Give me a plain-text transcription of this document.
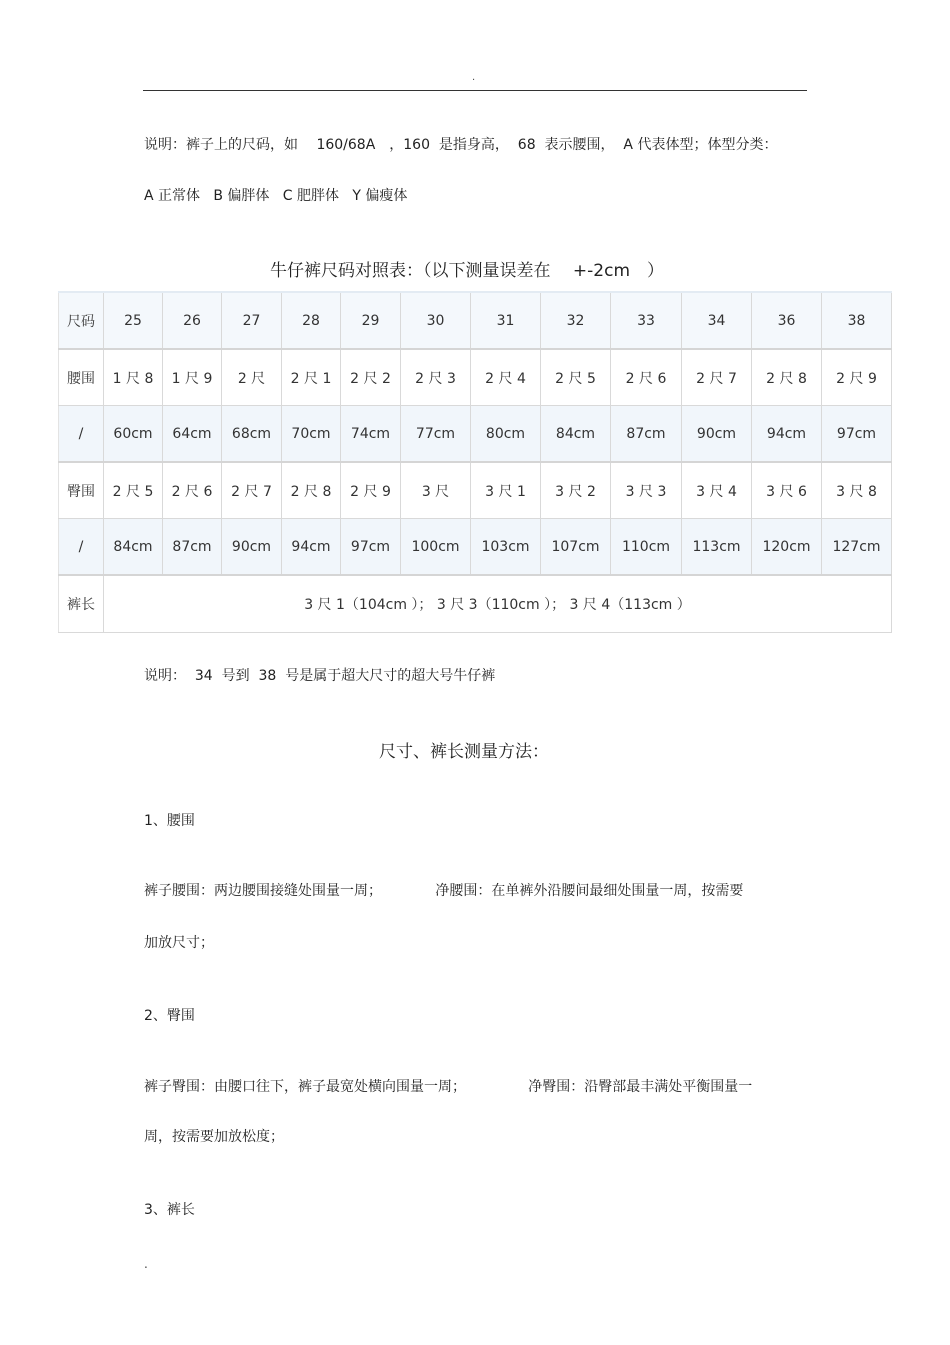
.
说明：裤子上的尺码，如　 160/68A　，160  是指身高，  68  表示腰围，  A 代表体型；体型分类：
A 正常体   B 偏胖体   C 肥胖体   Y 偏瘦体
牛仔裤尺码对照表：（以下测量误差在　 +-2cm　）
尺码	25	26	27	28	29	30	31	32	33	34	36	38
腰围	1 尺 8	1 尺 9	2 尺	2 尺 1	2 尺 2	2 尺 3	2 尺 4	2 尺 5	2 尺 6	2 尺 7	2 尺 8	2 尺 9
/	60cm	64cm	68cm	70cm	74cm	77cm	80cm	84cm	87cm	90cm	94cm	97cm
臀围	2 尺 5	2 尺 6	2 尺 7	2 尺 8	2 尺 9	3 尺	3 尺 1	3 尺 2	3 尺 3	3 尺 4	3 尺 6	3 尺 8
/	84cm	87cm	90cm	94cm	97cm	100cm	103cm	107cm	110cm	113cm	120cm	127cm
裤长	3 尺 1（104cm ）； 3 尺 3（110cm ）； 3 尺 4（113cm ）											
说明：  34  号到  38  号是属于超大尺寸的超大号牛仔裤
尺寸、裤长测量方法：
1、腰围
裤子腰围：两边腰围接缝处围量一周；            净腰围：在单裤外沿腰间最细处围量一周，按需要
加放尺寸；
2、臀围
裤子臀围：由腰口往下，裤子最宽处横向围量一周；              净臀围：沿臀部最丰满处平衡围量一
周，按需要加放松度；
3、裤长
.
